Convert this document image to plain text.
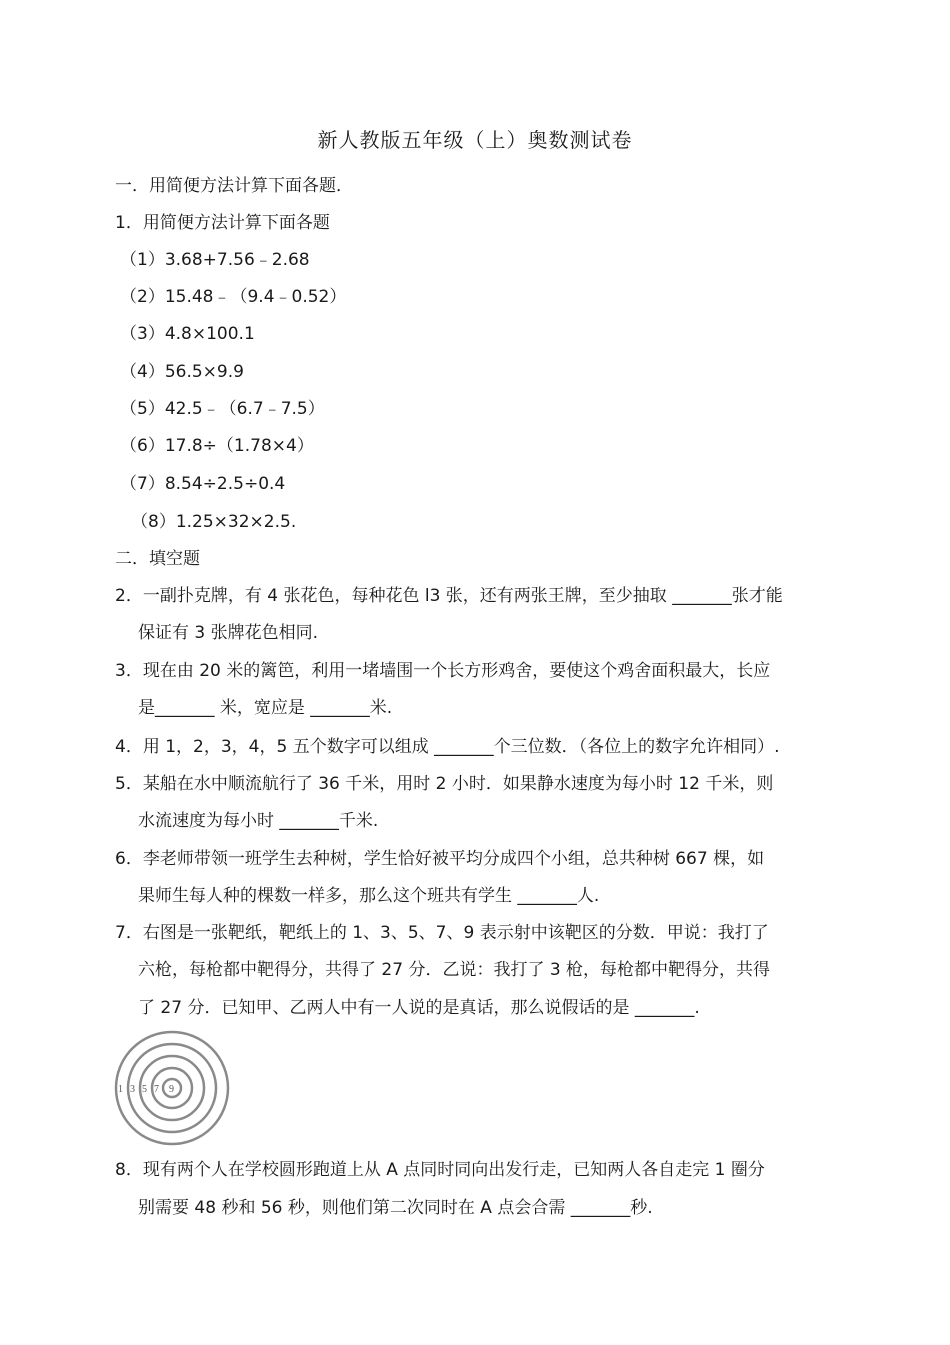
新人教版五年级（上）奥数测试卷
一．用简便方法计算下面各题．
1．用简便方法计算下面各题
（1）3.68+7.56﹣2.68
（2）15.48﹣（9.4﹣0.52）
（3）4.8×100.1
（4）56.5×9.9
（5）42.5﹣（6.7﹣7.5）
（6）17.8÷（1.78×4）
（7）8.54÷2.5÷0.4
（8）1.25×32×2.5.
二．填空题
2．一副扑克牌，有 4 张花色，每种花色 l3 张，还有两张王牌，至少抽取 _______张才能
保证有 3 张牌花色相同.
3．现在由 20 米的篱笆，利用一堵墙围一个长方形鸡舍，要使这个鸡舍面积最大，长应
是_______ 米，宽应是 _______米.
4．用 1，2，3，4，5 五个数字可以组成 _______个三位数．（各位上的数字允许相同）.
5．某船在水中顺流航行了 36 千米，用时 2 小时．如果静水速度为每小时 12 千米，则
水流速度为每小时 _______千米.
6．李老师带领一班学生去种树，学生恰好被平均分成四个小组，总共种树 667 棵，如
果师生每人种的棵数一样多，那么这个班共有学生 _______人.
7．右图是一张靶纸，靶纸上的 1、3、5、7、9 表示射中该靶区的分数．甲说：我打了
六枪，每枪都中靶得分，共得了 27 分．乙说：我打了 3 枪，每枪都中靶得分，共得
了 27 分．已知甲、乙两人中有一人说的是真话，那么说假话的是 _______.
1 3 5 7 9
8．现有两个人在学校圆形跑道上从 A 点同时同向出发行走，已知两人各自走完 1 圈分
别需要 48 秒和 56 秒，则他们第二次同时在 A 点会合需 _______秒.
